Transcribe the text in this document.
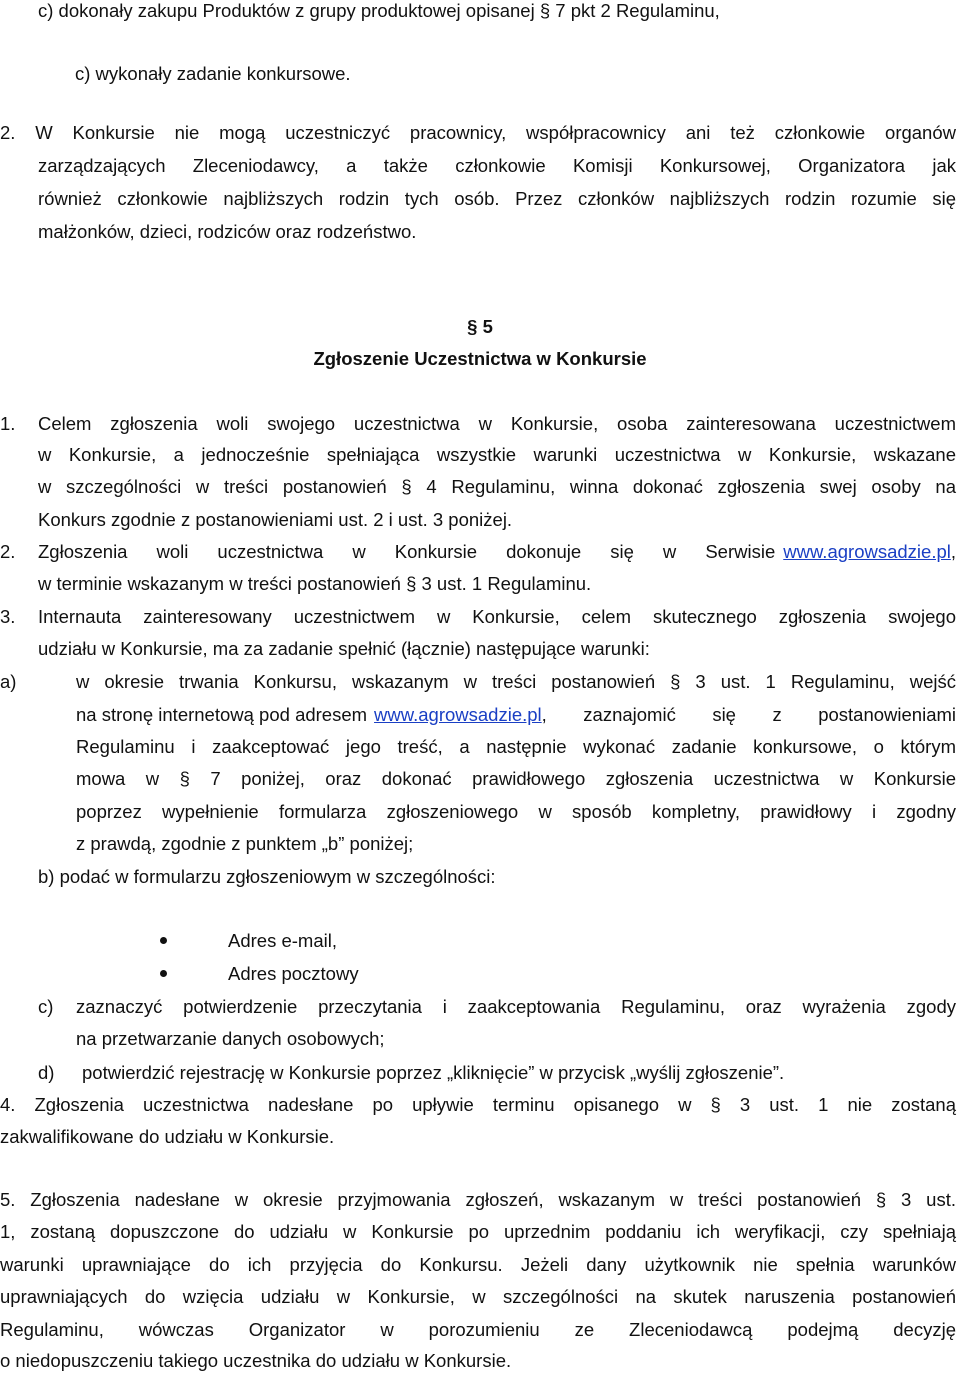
c) dokonały zakupu Produktów z grupy produktowej opisanej § 7 pkt 2 Regulaminu,
c) wykonały zadanie konkursowe.
2. W Konkursie nie mogą uczestniczyć pracownicy, współpracownicy ani też członkowie organów
zarządzających Zleceniodawcy, a także członkowie Komisji Konkursowej, Organizatora jak
również członkowie najbliższych rodzin tych osób. Przez członków najbliższych rodzin rozumie się
małżonków, dzieci, rodziców oraz rodzeństwo.
§ 5
Zgłoszenie Uczestnictwa w Konkursie
1.	Celem zgłoszenia woli swojego uczestnictwa w Konkursie, osoba zainteresowana uczestnictwem
w Konkursie, a jednocześnie spełniająca wszystkie warunki uczestnictwa w Konkursie, wskazane
w szczególności w treści postanowień § 4 Regulaminu, winna dokonać zgłoszenia swej osoby na
Konkurs zgodnie z postanowieniami ust. 2 i ust. 3 poniżej.
2.	Zgłoszenia woli uczestnictwa w Konkursie dokonuje się w Serwisie www.agrowsadzie.pl,
w terminie wskazanym w treści postanowień § 3 ust. 1 Regulaminu.
3.	Internauta zainteresowany uczestnictwem w Konkursie, celem skutecznego zgłoszenia swojego
udziału w Konkursie, ma za zadanie spełnić (łącznie) następujące warunki:
a)	w okresie trwania Konkursu, wskazanym w treści postanowień § 3 ust. 1 Regulaminu, wejść
na stronę internetową pod adresem www.agrowsadzie.pl , zaznajomić się z postanowieniami
Regulaminu i zaakceptować jego treść, a następnie wykonać zadanie konkursowe, o którym
mowa w § 7 poniżej, oraz dokonać prawidłowego zgłoszenia uczestnictwa w Konkursie
poprzez wypełnienie formularza zgłoszeniowego w sposób kompletny, prawidłowy i zgodny
z prawdą, zgodnie z punktem „b” poniżej;
b) podać w formularzu zgłoszeniowym w szczególności:
Adres e-mail,
Adres pocztowy
c)	zaznaczyć potwierdzenie przeczytania i zaakceptowania Regulaminu, oraz wyrażenia zgody
na przetwarzanie danych osobowych;
d)	potwierdzić rejestrację w Konkursie poprzez „kliknięcie” w przycisk „wyślij zgłoszenie”.
4. Zgłoszenia uczestnictwa nadesłane po upływie terminu opisanego w § 3 ust. 1 nie zostaną
zakwalifikowane do udziału w Konkursie.
5. Zgłoszenia nadesłane w okresie przyjmowania zgłoszeń, wskazanym w treści postanowień § 3 ust.
1, zostaną dopuszczone do udziału w Konkursie po uprzednim poddaniu ich weryfikacji, czy spełniają
warunki uprawniające do ich przyjęcia do Konkursu. Jeżeli dany użytkownik nie spełnia warunków
uprawniających do wzięcia udziału w Konkursie, w szczególności na skutek naruszenia postanowień
Regulaminu, wówczas Organizator w porozumieniu ze Zleceniodawcą podejmą decyzję
o niedopuszczeniu takiego uczestnika do udziału w Konkursie.
